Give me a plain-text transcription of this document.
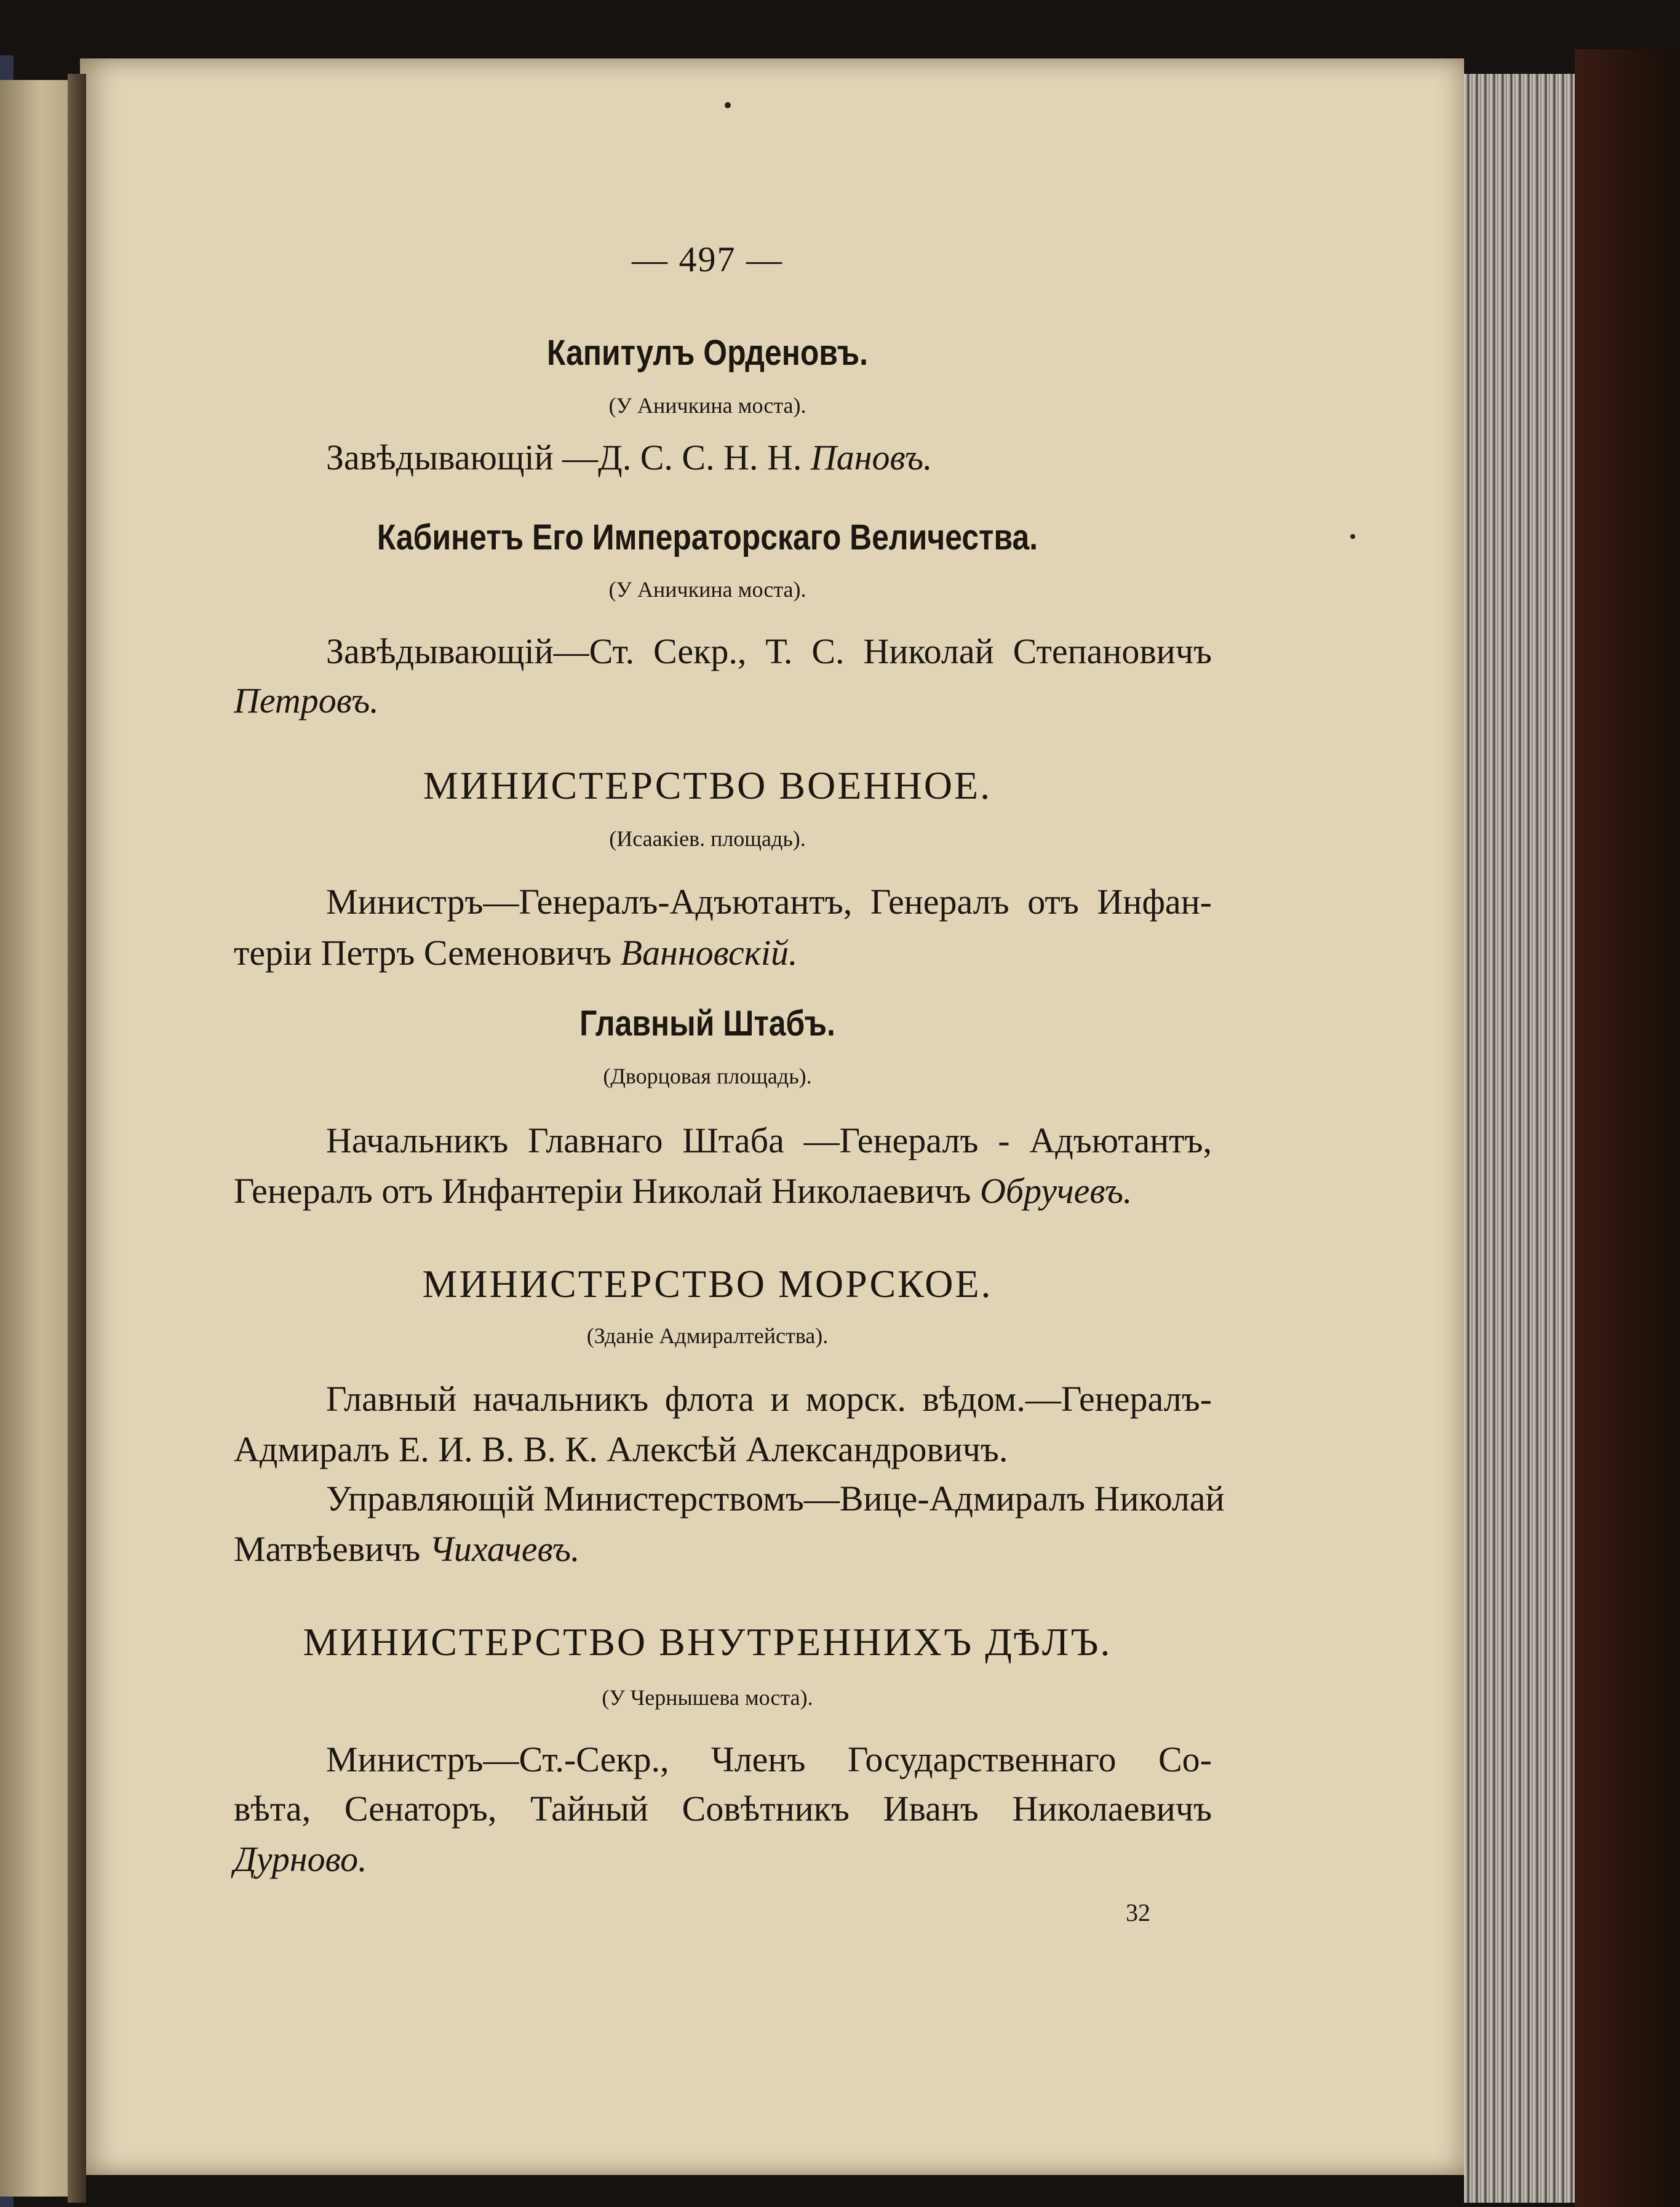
— 497 —
Капитулъ Орденовъ.
(У Аничкина моста).
Завѣдывающій —Д. С. С. Н. Н. Пановъ.
Кабинетъ Его Императорскаго Величества.
(У Аничкина моста).
Завѣдывающій—Ст. Секр., Т. С. Николай Степановичъ
Петровъ.
МИНИСТЕРСТВО ВОЕННОЕ.
(Исаакіев. площадь).
Министръ—Генералъ-Адъютантъ, Генералъ отъ Инфан-
теріи Петръ Семеновичъ Ванновскій.
Главный Штабъ.
(Дворцовая площадь).
Начальникъ Главнаго Штаба —Генералъ - Адъютантъ,
Генералъ отъ Инфантеріи Николай Николаевичъ Обручевъ.
МИНИСТЕРСТВО МОРСКОЕ.
(Зданіе Адмиралтейства).
Главный начальникъ флота и морск. вѣдом.—Генералъ-
Адмиралъ Е. И. В. В. К. Алексѣй Александровичъ.
Управляющій Министерствомъ—Вице-Адмиралъ Николай
Матвѣевичъ Чихачевъ.
МИНИСТЕРСТВО ВНУТРЕННИХЪ ДѢЛЪ.
(У Чернышева моста).
Министръ—Ст.-Секр., Членъ Государственнаго Со-
вѣта, Сенаторъ, Тайный Совѣтникъ Иванъ Николаевичъ
Дурново.
32
